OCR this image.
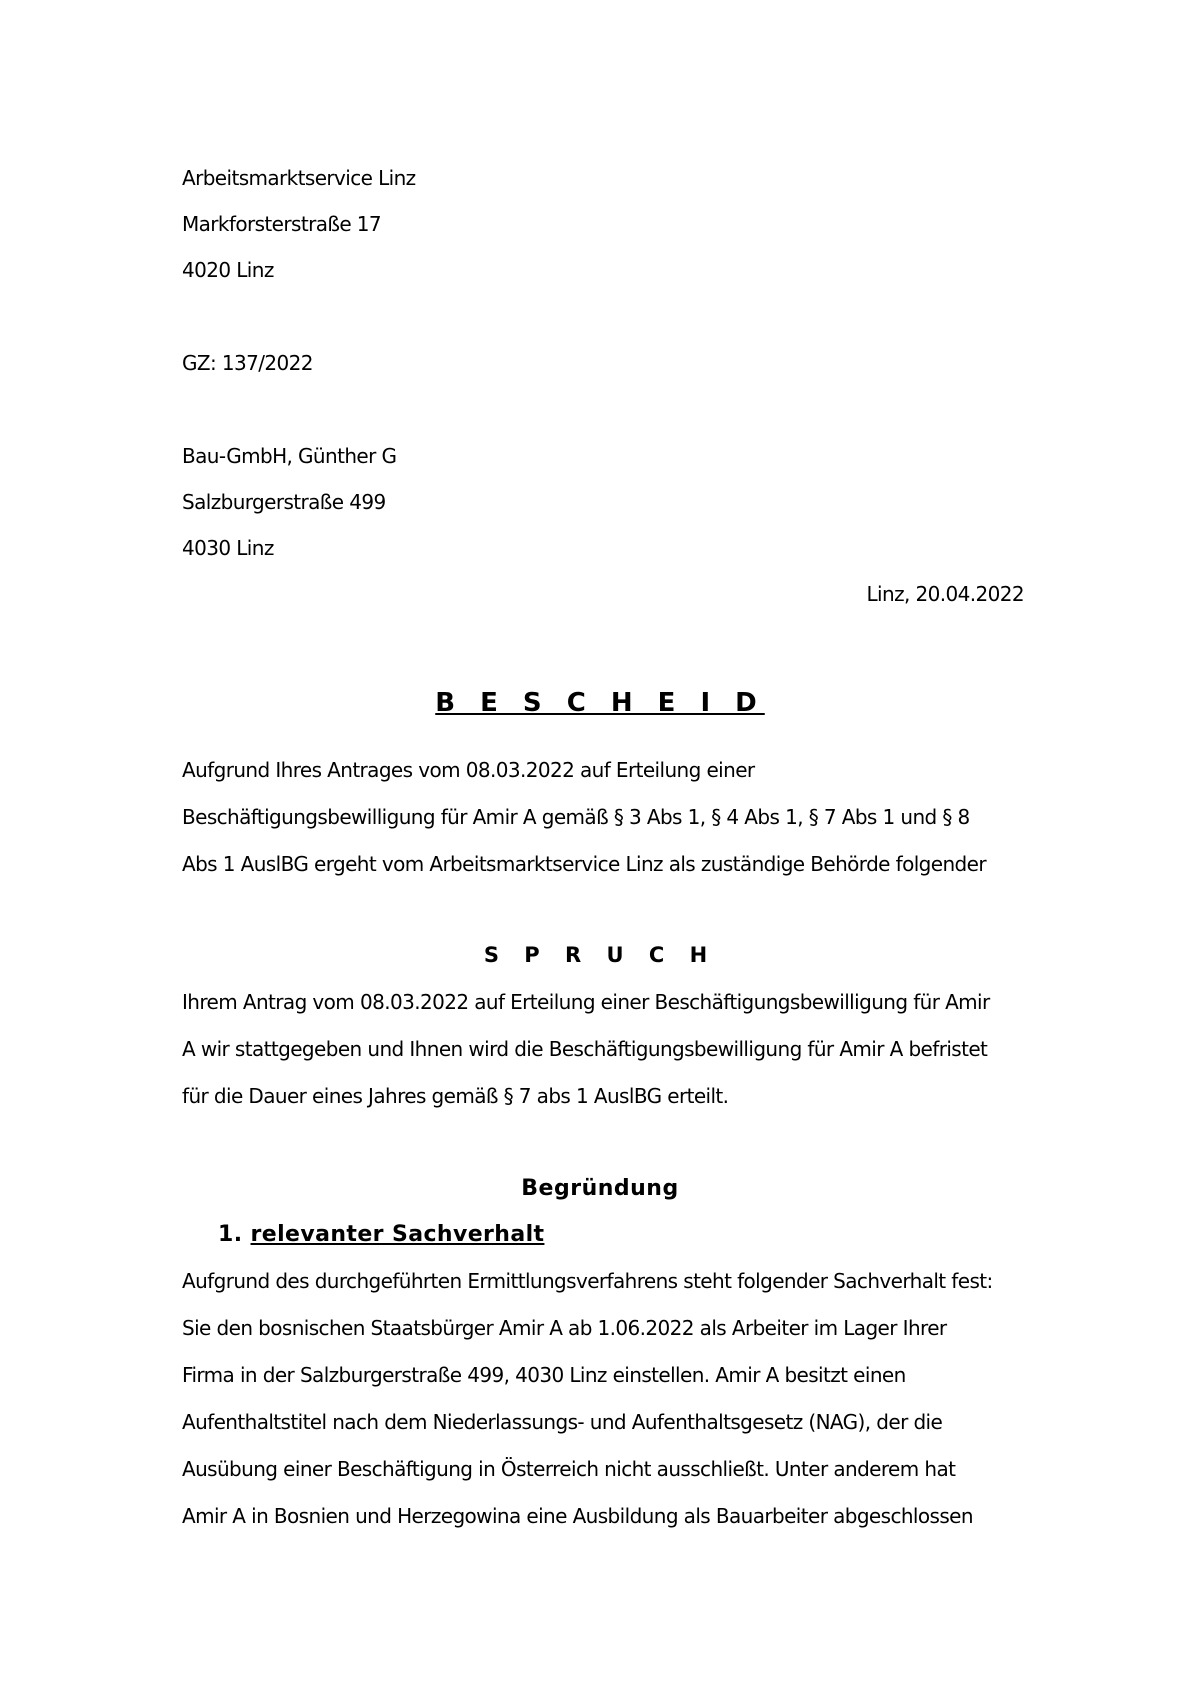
Arbeitsmarktservice Linz
Markforsterstraße 17
4020 Linz
GZ: 137/2022
Bau-GmbH, Günther G
Salzburgerstraße 499
4030 Linz
Linz, 20.04.2022
B E S C H E I D
Aufgrund Ihres Antrages vom 08.03.2022 auf Erteilung einer
Beschäftigungsbewilligung für Amir A gemäß § 3 Abs 1, § 4 Abs 1, § 7 Abs 1 und § 8
Abs 1 AuslBG ergeht vom Arbeitsmarktservice Linz als zuständige Behörde folgender
S P R U C H
Ihrem Antrag vom 08.03.2022 auf Erteilung einer Beschäftigungsbewilligung für Amir
A wir stattgegeben und Ihnen wird die Beschäftigungsbewilligung für Amir A befristet
für die Dauer eines Jahres gemäß § 7 abs 1 AuslBG erteilt.
Begründung
1. relevanter Sachverhalt
Aufgrund des durchgeführten Ermittlungsverfahrens steht folgender Sachverhalt fest:
Sie den bosnischen Staatsbürger Amir A ab 1.06.2022 als Arbeiter im Lager Ihrer
Firma in der Salzburgerstraße 499, 4030 Linz einstellen. Amir A besitzt einen
Aufenthaltstitel nach dem Niederlassungs- und Aufenthaltsgesetz (NAG), der die
Ausübung einer Beschäftigung in Österreich nicht ausschließt. Unter anderem hat
Amir A in Bosnien und Herzegowina eine Ausbildung als Bauarbeiter abgeschlossen
